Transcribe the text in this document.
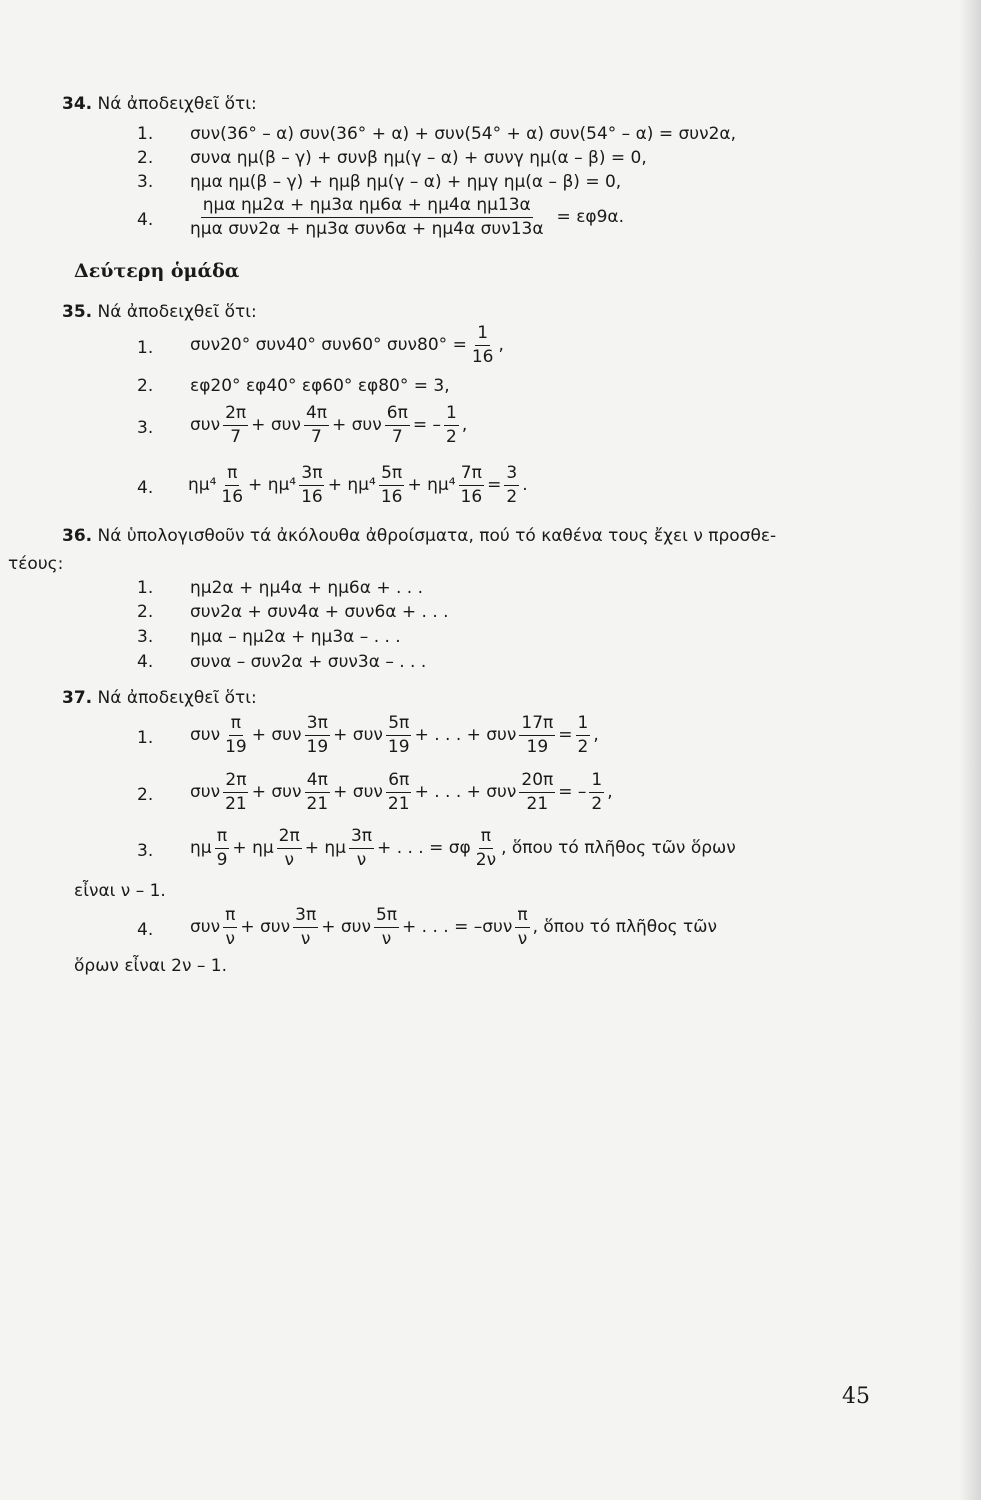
34. Νά ἀποδειχθεῖ ὅτι:
1. συν(36° – α) συν(36° + α) + συν(54° + α) συν(54° – α) = συν2α,
2. συνα ημ(β – γ) + συνβ ημ(γ – α) + συνγ ημ(α – β) = 0,
3. ημα ημ(β – γ) + ημβ ημ(γ – α) + ημγ ημ(α – β) = 0,
4. $\frac{\text{ημα ημ2α + ημ3α ημ6α + ημ4α ημ13α}}{\text{ημα συν2α + ημ3α συν6α + ημ4α συν13α}} = \varepsilon\varphi 9\alpha$.
Δεύτερη ὁμάδα
35. Νά ἀποδειχθεῖ ὅτι:
1. συν20° συν40° συν60° $\sigma\upsilon\nu 80^\circ = \frac{1}{16}$ ,
2. εφ20° εφ40° εφ60° εφ80° = 3,
3. συν $\frac{2\pi}{7} + \sigma\upsilon\nu \frac{4\pi}{7} + \sigma\upsilon\nu \frac{6\pi}{7}$ = – $\frac{1}{2}$ ,
4. $\eta\mu^4 \frac{\pi}{16} + \eta\mu^4 \frac{3\pi}{16} + \eta\mu^4 \frac{5\pi}{16} + \eta\mu^4 \frac{7\pi}{16} = \frac{3}{2}$ .
36. Νά ὑπολογισθοῦν τά ἀκόλουθα ἀθροίσματα, πού τό καθένα τους ἔχει ν προσθε-
τέους:
1. ημ2α + ημ4α + ημ6α + . . .
2. συν2α + συν4α + συν6α + . . .
3. ημα – ημ2α + ημ3α – . . .
4. συνα – συν2α + συν3α – . . .
37. Νά ἀποδειχθεῖ ὅτι:
1. συν $\frac{\pi}{19} + \sigma\upsilon\nu \frac{3\pi}{19} + \sigma\upsilon\nu \frac{5\pi}{19}$ + . . . + συν $\frac{17\pi}{19} = \frac{1}{2}$ ,
2. συν $\frac{2\pi}{21} + \sigma\upsilon\nu \frac{4\pi}{21} + \sigma\upsilon\nu \frac{6\pi}{21}$ + . . . + συν $\frac{20\pi}{21}$ = – $\frac{1}{2}$ ,
3. ημ $\frac{\pi}{9} + \eta\mu \frac{2\pi}{\nu} + \eta\mu \frac{3\pi}{\nu}$ + . . . = σφ $\frac{\pi}{2\nu}$ , ὅπου τό πλῆθος τῶν ὅρων
εἶναι ν – 1.
4. συν $\frac{\pi}{\nu} + \sigma\upsilon\nu \frac{3\pi}{\nu} + \sigma\upsilon\nu \frac{5\pi}{\nu}$ + . . . = $-\sigma\upsilon\nu \frac{\pi}{\nu}$ , ὅπου τό πλῆθος τῶν
ὅρων εἶναι 2ν – 1.
45
